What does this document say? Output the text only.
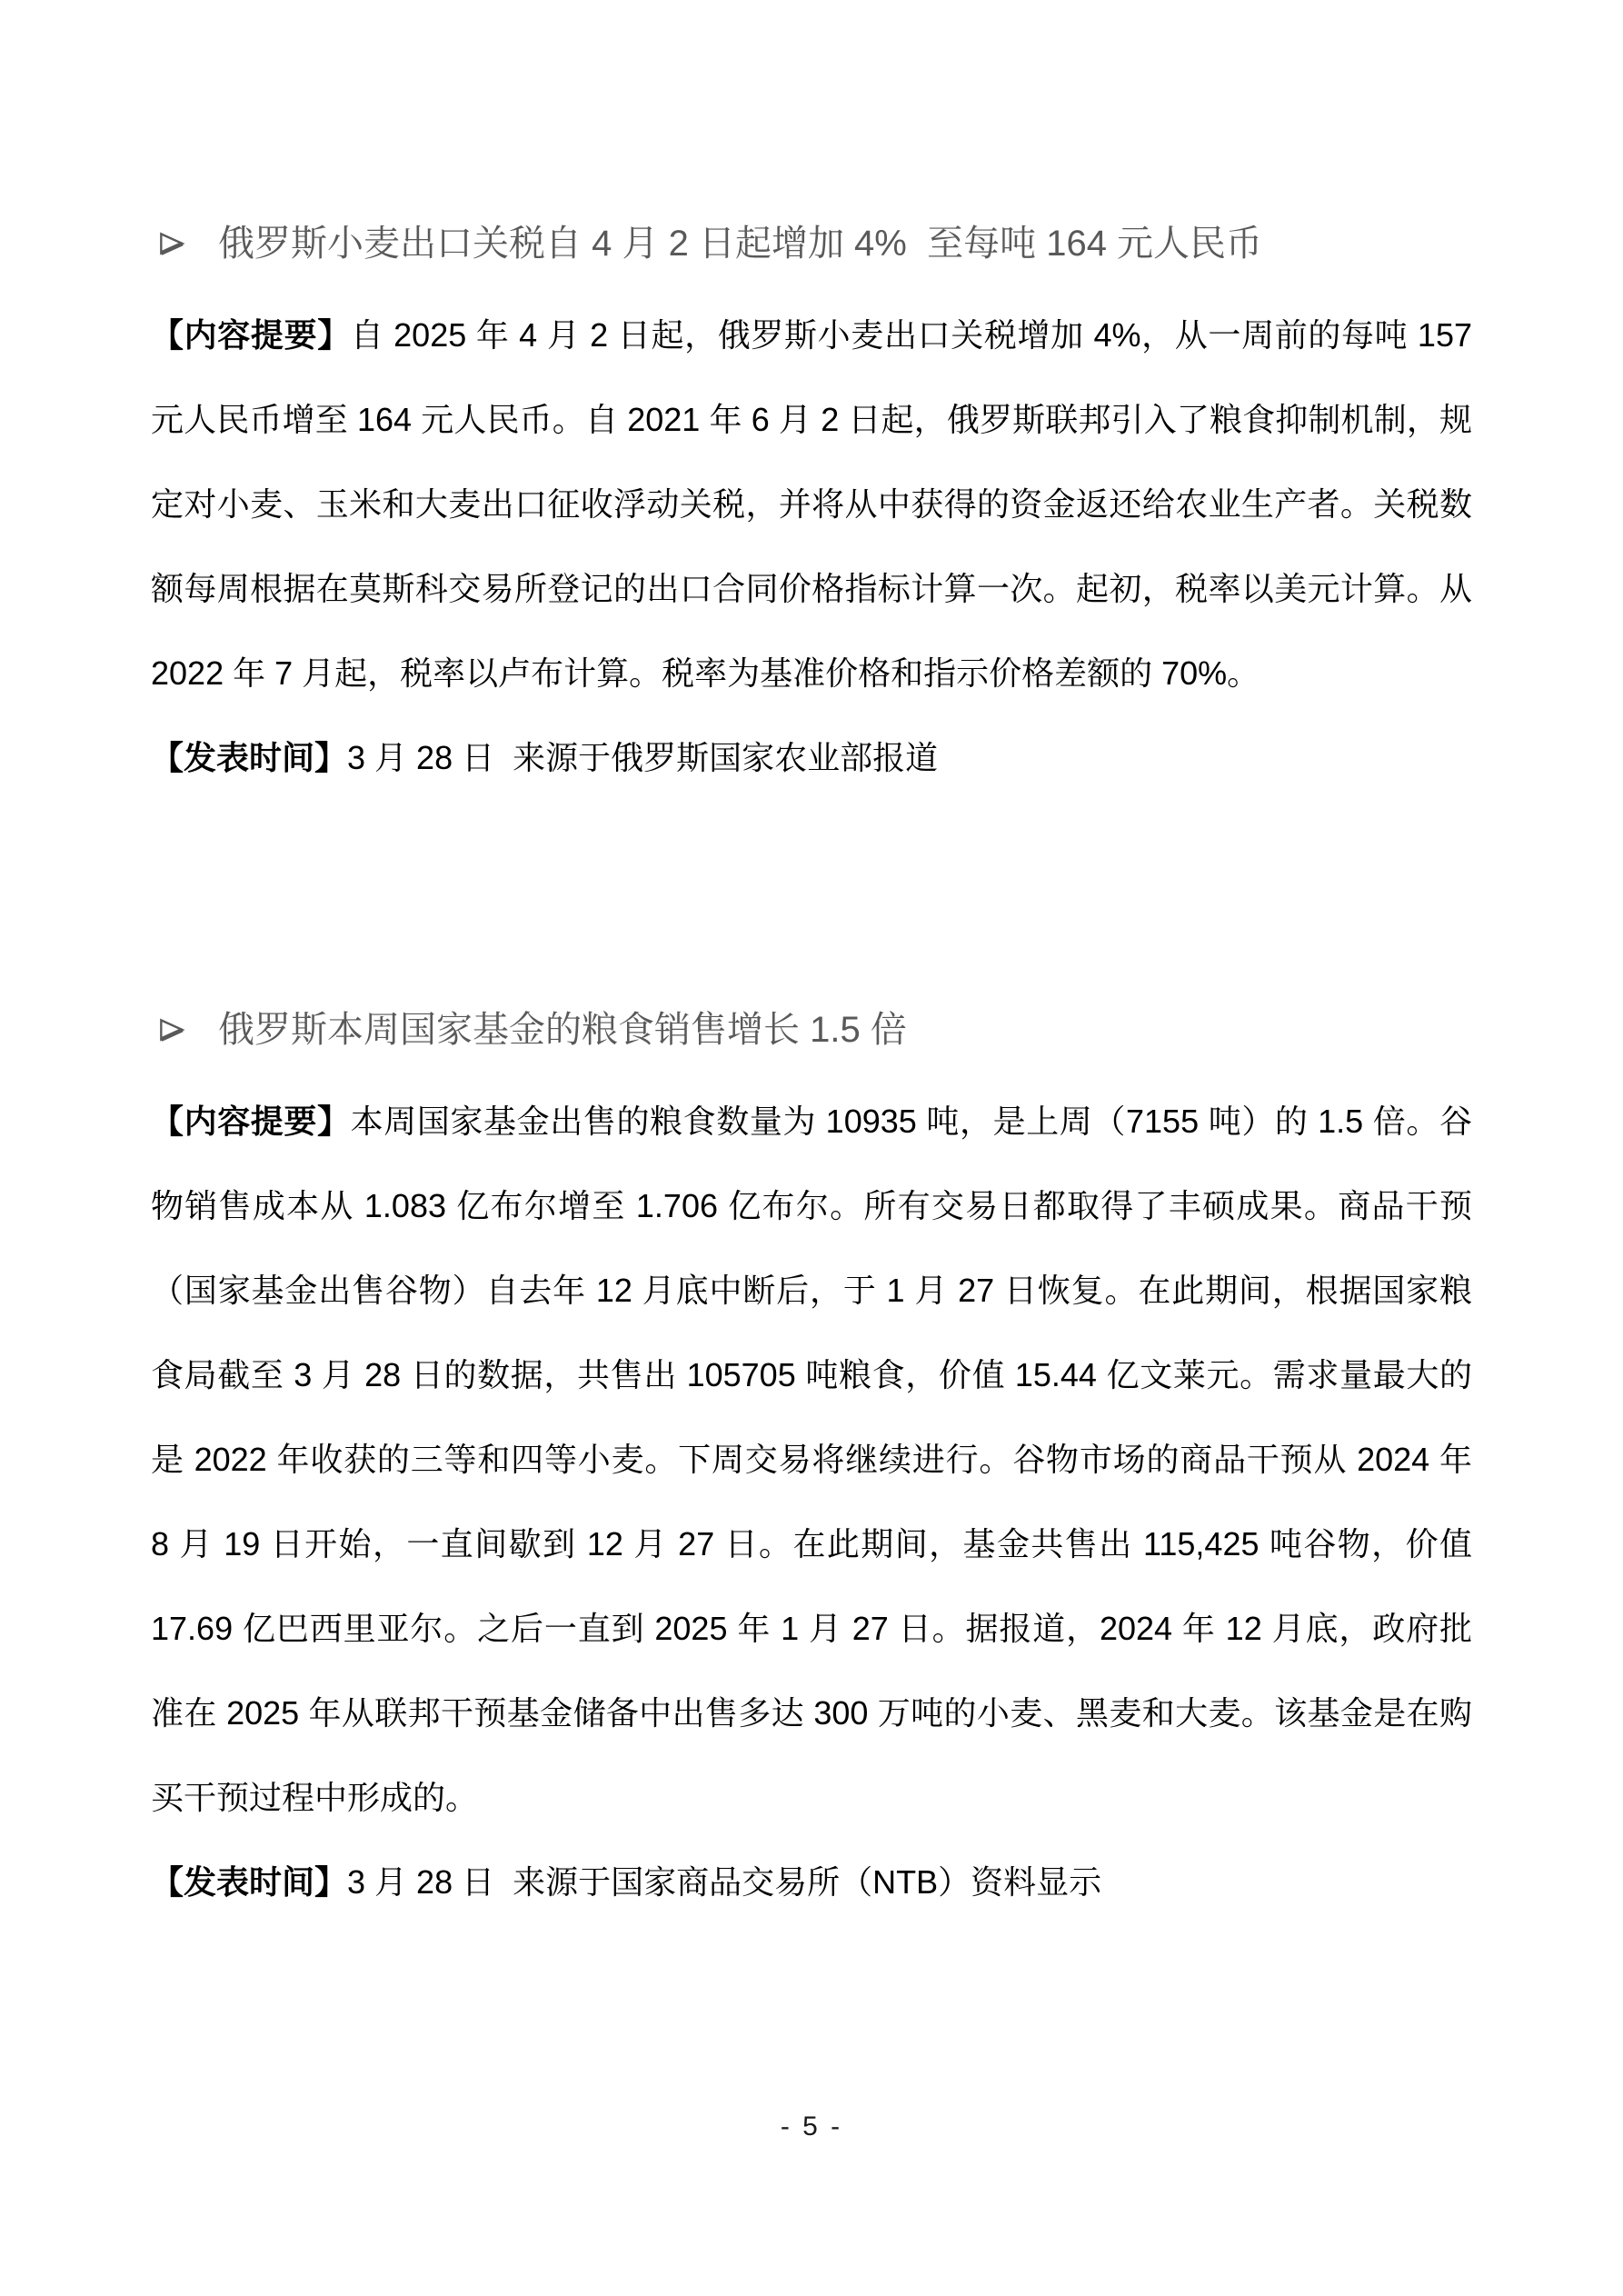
俄罗斯小麦出口关税自 4 月 2 日起增加 4%  至每吨 164 元人民币

【内容提要】自 2025 年 4 月 2 日起，俄罗斯小麦出口关税增加 4%，从一周前的每吨 157 元人民币增至 164 元人民币。自 2021 年 6 月 2 日起，俄罗斯联邦引入了粮食抑制机制，规定对小麦、玉米和大麦出口征收浮动关税，并将从中获得的资金返还给农业生产者。关税数额每周根据在莫斯科交易所登记的出口合同价格指标计算一次。起初，税率以美元计算。从 2022 年 7 月起，税率以卢布计算。税率为基准价格和指示价格差额的 70%。

【发表时间】3 月 28 日  来源于俄罗斯国家农业部报道

俄罗斯本周国家基金的粮食销售增长 1.5 倍

【内容提要】本周国家基金出售的粮食数量为 10935 吨，是上周（7155 吨）的 1.5 倍。谷物销售成本从 1.083 亿布尔增至 1.706 亿布尔。所有交易日都取得了丰硕成果。商品干预（国家基金出售谷物）自去年 12 月底中断后，于 1 月 27 日恢复。在此期间，根据国家粮食局截至 3 月 28 日的数据，共售出 105705 吨粮食，价值 15.44 亿文莱元。需求量最大的是 2022 年收获的三等和四等小麦。下周交易将继续进行。谷物市场的商品干预从 2024 年 8 月 19 日开始，一直间歇到 12 月 27 日。在此期间，基金共售出 115,425 吨谷物，价值 17.69 亿巴西里亚尔。之后一直到 2025 年 1 月 27 日。据报道，2024 年 12 月底，政府批准在 2025 年从联邦干预基金储备中出售多达 300 万吨的小麦、黑麦和大麦。该基金是在购买干预过程中形成的。

【发表时间】3 月 28 日  来源于国家商品交易所（NTB）资料显示

- 5 -
